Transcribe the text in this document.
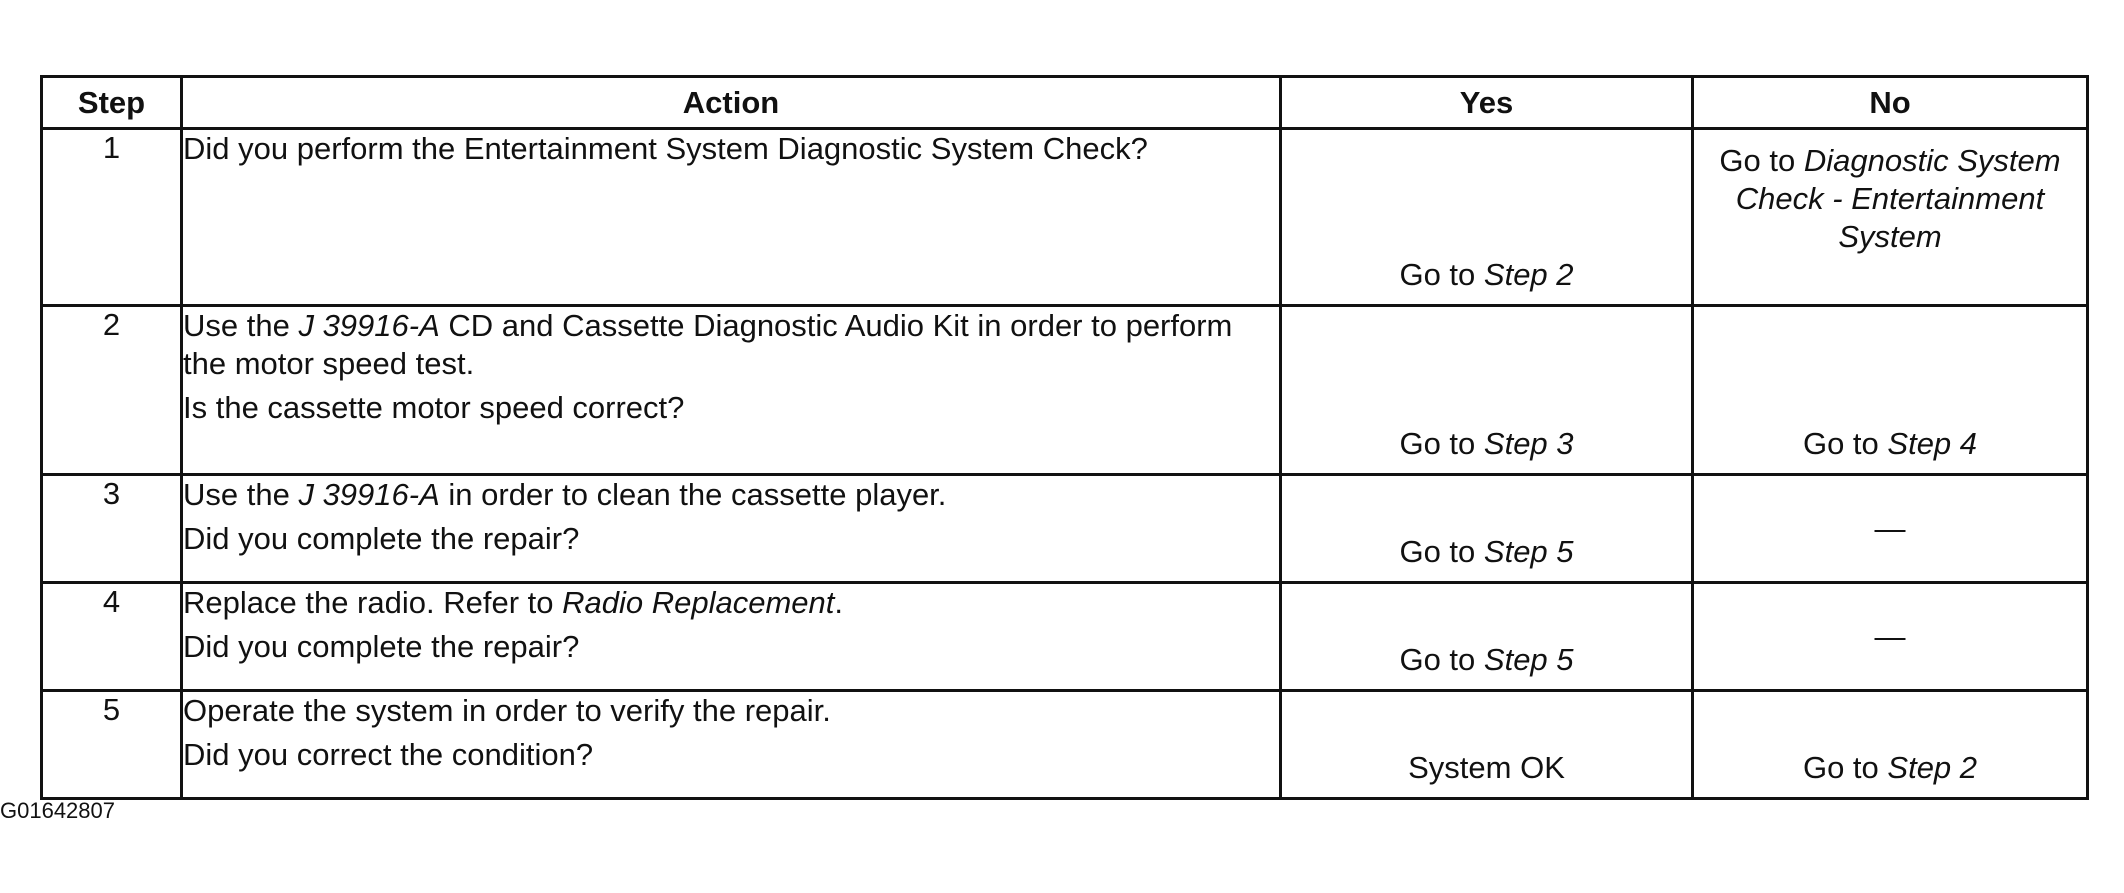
Step	Action	Yes	No
1	Did you perform the Entertainment System Diagnostic System Check?	Go to Step 2	Go to Diagnostic System Check - Entertainment System

2	Use the J 39916-A CD and Cassette Diagnostic Audio Kit in order to perform the motor speed test.
Is the cassette motor speed correct?	Go to Step 3	Go to Step 4

3	Use the J 39916-A in order to clean the cassette player.
Did you complete the repair?	Go to Step 5	—

4	Replace the radio. Refer to Radio Replacement.
Did you complete the repair?	Go to Step 5	—

5	Operate the system in order to verify the repair.
Did you correct the condition?	System OK	Go to Step 2
G01642807
